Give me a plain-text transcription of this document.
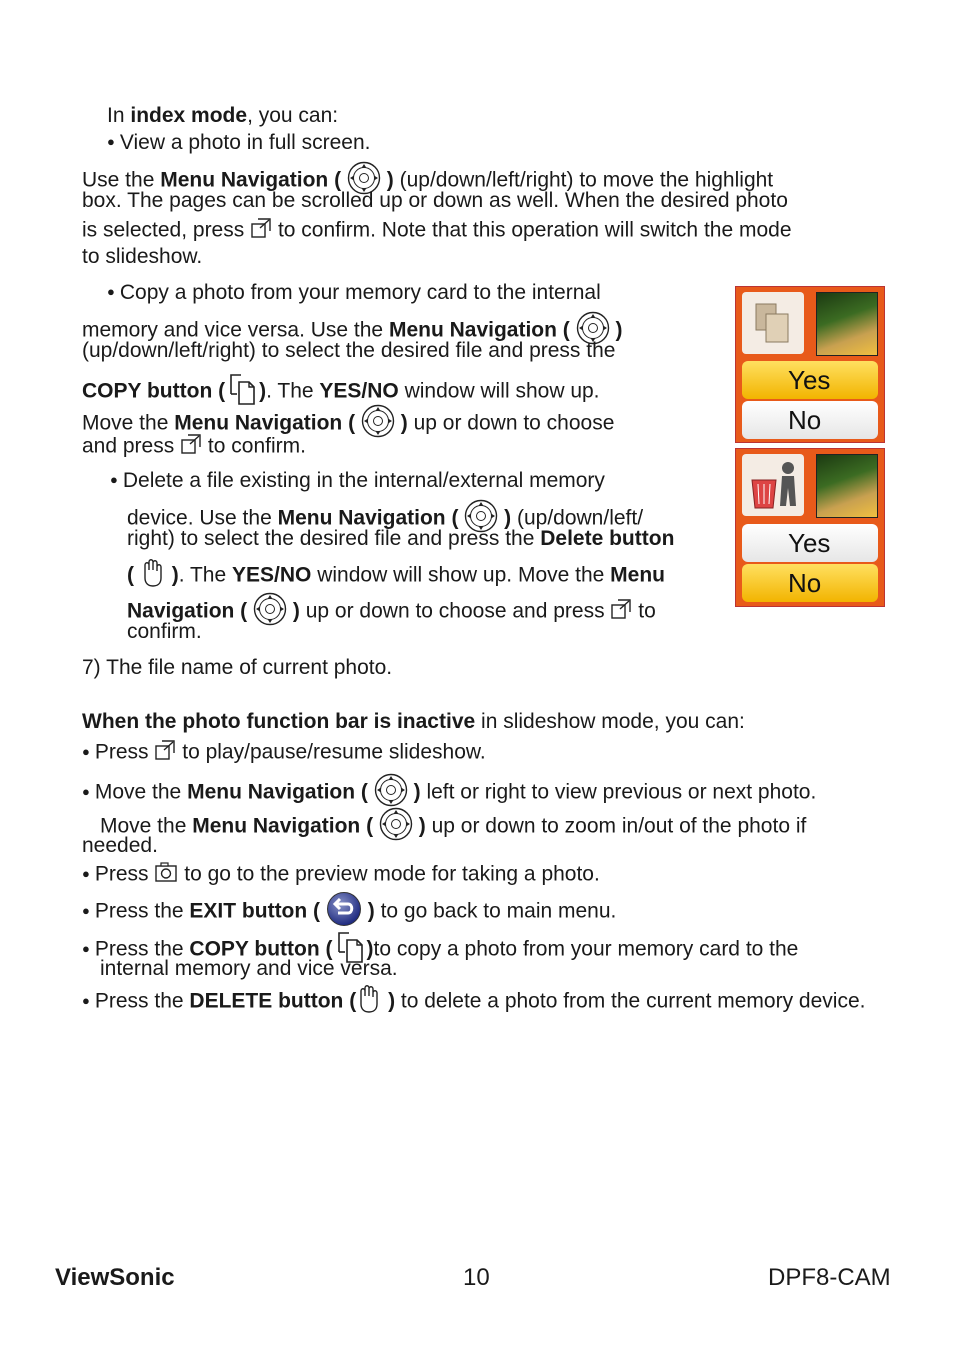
In index mode, you can:
● View a photo in full screen.
Use the Menu Navigation ( ) (up/down/left/right) to move the highlight
box. The pages can be scrolled up or down as well. When the desired photo
is selected, press to confirm. Note that this operation will switch the mode
to slideshow.
● Copy a photo from your memory card to the internal
memory and vice versa. Use the Menu Navigation ( )
(up/down/left/right) to select the desired file and press the
COPY button ( ). The YES/NO window will show up.
Move the Menu Navigation ( ) up or down to choose
and press to confirm.
● Delete a file existing in the internal/external memory
device. Use the Menu Navigation ( ) (up/down/left/
right) to select the desired file and press the Delete button
( ). The YES/NO window will show up. Move the Menu
Navigation ( ) up or down to choose and press to
confirm.
7) The file name of current photo.
When the photo function bar is inactive in slideshow mode, you can:
● Press to play/pause/resume slideshow.
● Move the Menu Navigation ( ) left or right to view previous or next photo.
Move the Menu Navigation ( ) up or down to zoom in/out of the photo if
needed.
● Press to go to the preview mode for taking a photo.
● Press the EXIT button ( ) to go back to main menu.
● Press the COPY button ( )to copy a photo from your memory card to the
internal memory and vice versa.
● Press the DELETE button ( ) to delete a photo from the current memory device.
Yes
No
Yes
No
ViewSonic	10	DPF8-CAM
